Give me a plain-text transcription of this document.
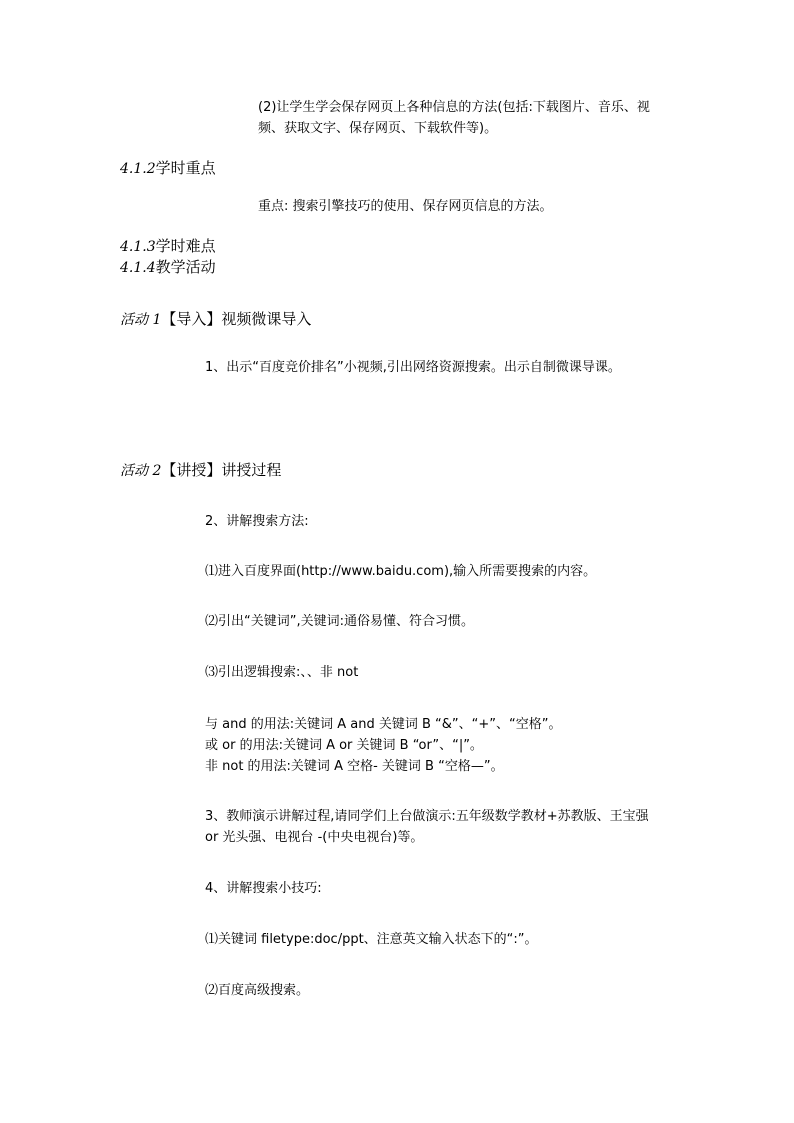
(2)让学生学会保存网页上各种信息的方法(包括:下载图片、音乐、视
频、获取文字、保存网页、下载软件等)。
4.1.2学时重点
重点: 搜索引擎技巧的使用、保存网页信息的方法。
4.1.3学时难点
4.1.4教学活动
活动 1【导入】视频微课导入
1、出示“百度竞价排名”小视频,引出网络资源搜索。出示自制微课导课。
活动 2【讲授】讲授过程
2、讲解搜索方法:
⑴进入百度界面(http://www.baidu.com),输入所需要搜索的内容。
⑵引出“关键词”,关键词:通俗易懂、符合习惯。
⑶引出逻辑搜索:、、非 not
与 and 的用法:关键词 A and 关键词 B “&”、“+”、“空格”。
或 or 的用法:关键词 A or 关键词 B “or”、“|”。
非 not 的用法:关键词 A 空格- 关键词 B “空格—”。
3、教师演示讲解过程,请同学们上台做演示:五年级数学教材+苏教版、王宝强
or 光头强、电视台 -(中央电视台)等。
4、讲解搜索小技巧:
⑴关键词 filetype:doc/ppt、注意英文输入状态下的“:”。
⑵百度高级搜索。
